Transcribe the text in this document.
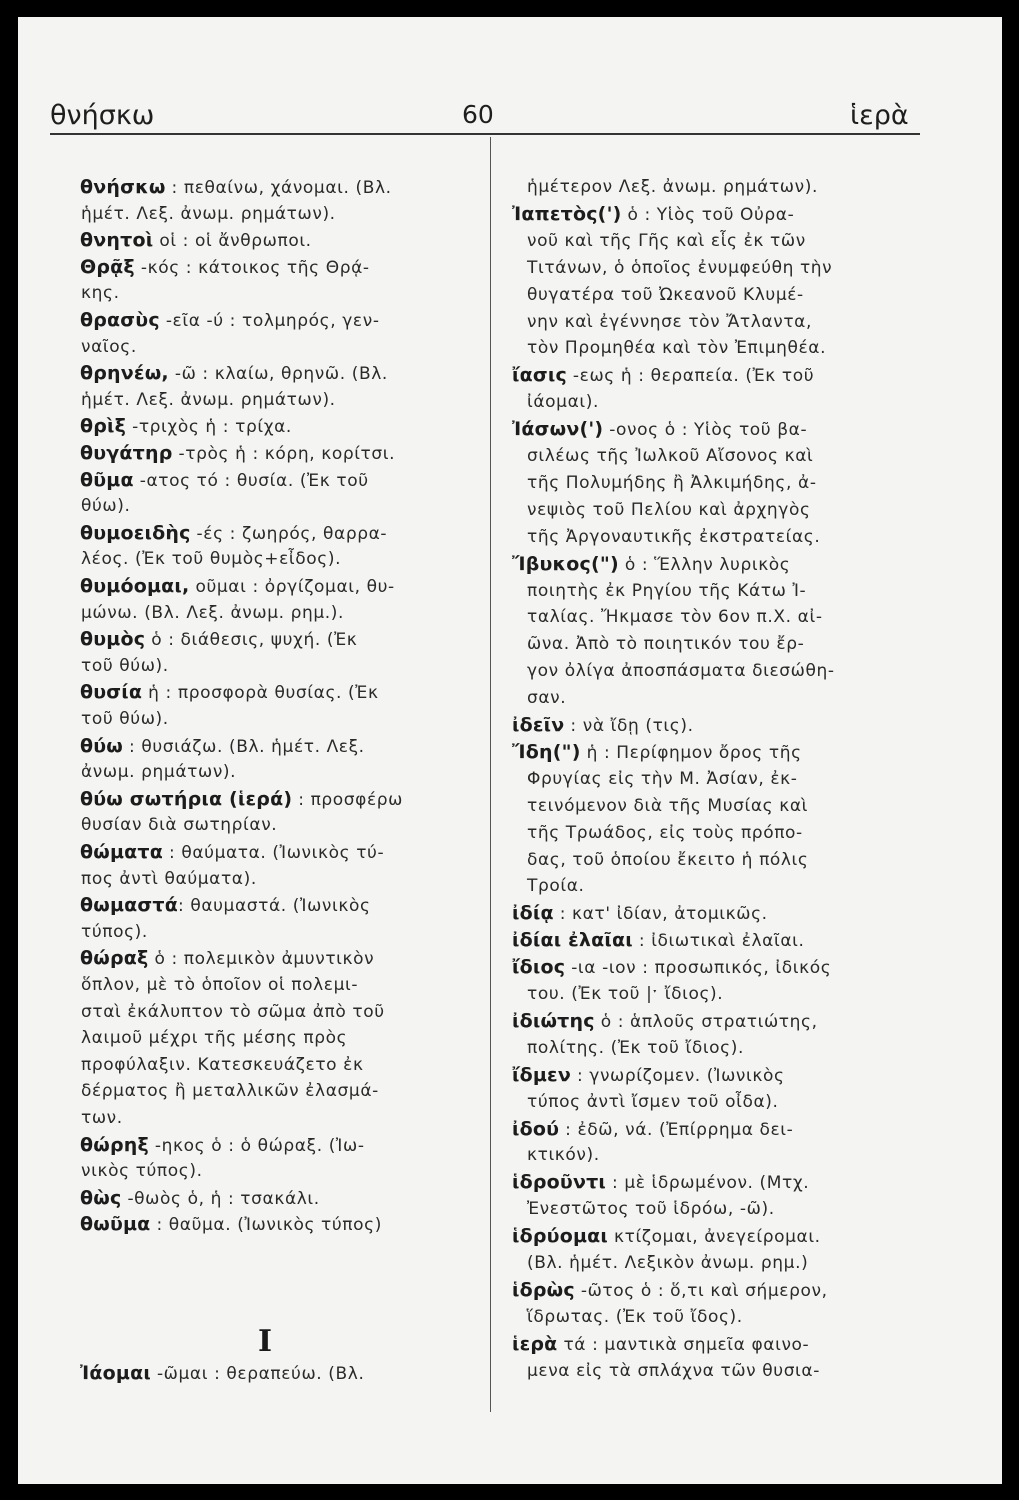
θνήσκω	60	ἱερὰ
θνήσκω : πεθαίνω, χάνομαι. (Βλ.
ἡμέτ. Λεξ. ἀνωμ. ρημάτων).
θνητοὶ οἱ : οἱ ἄνθρωποι.
Θρᾷξ -κός : κάτοικος τῆς Θρᾴ-
κης.
θρασὺς -εῖα -ύ : τολμηρός, γεν-
ναῖος.
θρηνέω, -ῶ : κλαίω, θρηνῶ. (Βλ.
ἡμέτ. Λεξ. ἀνωμ. ρημάτων).
θρὶξ -τριχὸς ἡ : τρίχα.
θυγάτηρ -τρὸς ἡ : κόρη, κορίτσι.
θῦμα -ατος τό : θυσία. (Ἐκ τοῦ
θύω).
θυμοειδὴς -ές : ζωηρός, θαρρα-
λέος. (Ἐκ τοῦ θυμὸς+εἶδος).
θυμόομαι, οῦμαι : ὀργίζομαι, θυ-
μώνω. (Βλ. Λεξ. ἀνωμ. ρημ.).
θυμὸς ὁ : διάθεσις, ψυχή. (Ἐκ
τοῦ θύω).
θυσία ἡ : προσφορὰ θυσίας. (Ἐκ
τοῦ θύω).
θύω : θυσιάζω. (Βλ. ἡμέτ. Λεξ.
ἀνωμ. ρημάτων).
θύω σωτήρια (ἱερά) : προσφέρω
θυσίαν διὰ σωτηρίαν.
θώματα : θαύματα. (Ἰωνικὸς τύ-
πος ἀντὶ θαύματα).
θωμαστά: θαυμαστά. (Ἰωνικὸς
τύπος).
θώραξ ὁ : πολεμικὸν ἀμυντικὸν
ὅπλον, μὲ τὸ ὁποῖον οἱ πολεμι-
σταὶ ἐκάλυπτον τὸ σῶμα ἀπὸ τοῦ
λαιμοῦ μέχρι τῆς μέσης πρὸς
προφύλαξιν. Κατεσκευάζετο ἐκ
δέρματος ἢ μεταλλικῶν ἐλασμά-
των.
θώρηξ -ηκος ὁ : ὁ θώραξ. (Ἰω-
νικὸς τύπος).
θὼς -θωὸς ὁ, ἡ : τσακάλι.
θωῦμα : θαῦμα. (Ἰωνικὸς τύπος)
ἡμέτερον Λεξ. ἀνωμ. ρημάτων).
Ἰαπετὸς(') ὁ : Υἱὸς τοῦ Οὐρα-
νοῦ καὶ τῆς Γῆς καὶ εἷς ἐκ τῶν
Τιτάνων, ὁ ὁποῖος ἐνυμφεύθη τὴν
θυγατέρα τοῦ Ὠκεανοῦ Κλυμέ-
νην καὶ ἐγέννησε τὸν Ἄτλαντα,
τὸν Προμηθέα καὶ τὸν Ἐπιμηθέα.
ἴασις -εως ἡ : θεραπεία. (Ἐκ τοῦ
ἰάομαι).
Ἰάσων(') -ονος ὁ : Υἱὸς τοῦ βα-
σιλέως τῆς Ἰωλκοῦ Αἴσονος καὶ
τῆς Πολυμήδης ἢ Ἀλκιμήδης, ἀ-
νεψιὸς τοῦ Πελίου καὶ ἀρχηγὸς
τῆς Ἀργοναυτικῆς ἐκστρατείας.
Ἴβυκος(") ὁ : Ἕλλην λυρικὸς
ποιητὴς ἐκ Ρηγίου τῆς Κάτω Ἰ-
ταλίας. Ἤκμασε τὸν 6ον π.Χ. αἰ-
ῶνα. Ἀπὸ τὸ ποιητικόν του ἔρ-
γον ὀλίγα ἀποσπάσματα διεσώθη-
σαν.
ἰδεῖν : νὰ ἴδῃ (τις).
Ἴδη(") ἡ : Περίφημον ὄρος τῆς
Φρυγίας εἰς τὴν Μ. Ἀσίαν, ἐκ-
τεινόμενον διὰ τῆς Μυσίας καὶ
τῆς Τρωάδος, εἰς τοὺς πρόπο-
δας, τοῦ ὁποίου ἔκειτο ἡ πόλις
Τροία.
ἰδίᾳ : κατ' ἰδίαν, ἀτομικῶς.
ἰδίαι ἐλαῖαι : ἰδιωτικαὶ ἐλαῖαι.
ἴδιος -ια -ιον : προσωπικός, ἰδικός
του. (Ἐκ τοῦ |ˑ ἴδιος).
ἰδιώτης ὁ : ἁπλοῦς στρατιώτης,
πολίτης. (Ἐκ τοῦ ἴδιος).
ἴδμεν : γνωρίζομεν. (Ἰωνικὸς
τύπος ἀντὶ ἴσμεν τοῦ οἶδα).
ἰδού : ἐδῶ, νά. (Ἐπίρρημα δει-
κτικόν).
ἱδροῦντι : μὲ ἱδρωμένον. (Μτχ.
Ἐνεστῶτος τοῦ ἱδρόω, -ῶ).
ἱδρύομαι κτίζομαι, ἀνεγείρομαι.
(Βλ. ἡμέτ. Λεξικὸν ἀνωμ. ρημ.)
ἱδρὼς -ῶτος ὁ : ὅ,τι καὶ σήμερον,
ἵδρωτας. (Ἐκ τοῦ ἴδος).
ἱερὰ τά : μαντικὰ σημεῖα φαινο-
μενα εἰς τὰ σπλάχνα τῶν θυσια-
Ι
Ἰάομαι -ῶμαι : θεραπεύω. (Βλ.
